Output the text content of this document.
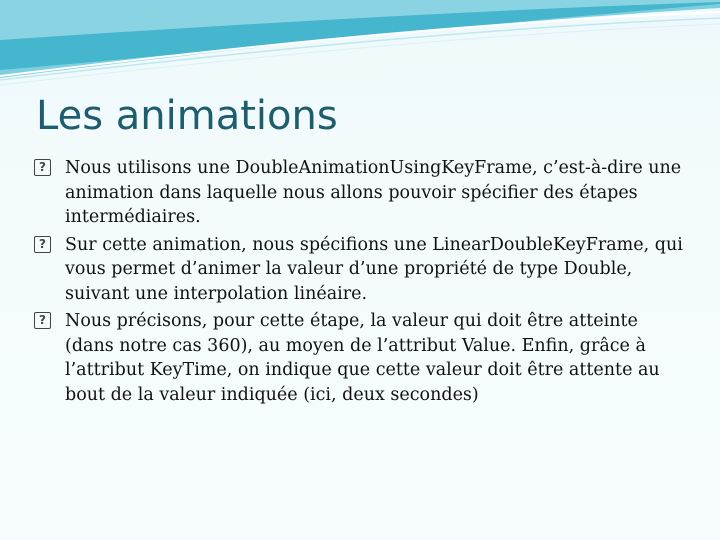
Les animations
? Nous utilisons une DoubleAnimationUsingKeyFrame, c’est-à-dire une animation dans laquelle nous allons pouvoir spécifier des étapes intermédiaires.
? Sur cette animation, nous spécifions une LinearDoubleKeyFrame, qui vous permet d’animer la valeur d’une propriété de type Double, suivant une interpolation linéaire.
? Nous précisons, pour cette étape, la valeur qui doit être atteinte (dans notre cas 360), au moyen de l’attribut Value. Enfin, grâce à l’attribut KeyTime, on indique que cette valeur doit être attente au bout de la valeur indiquée (ici, deux secondes)
